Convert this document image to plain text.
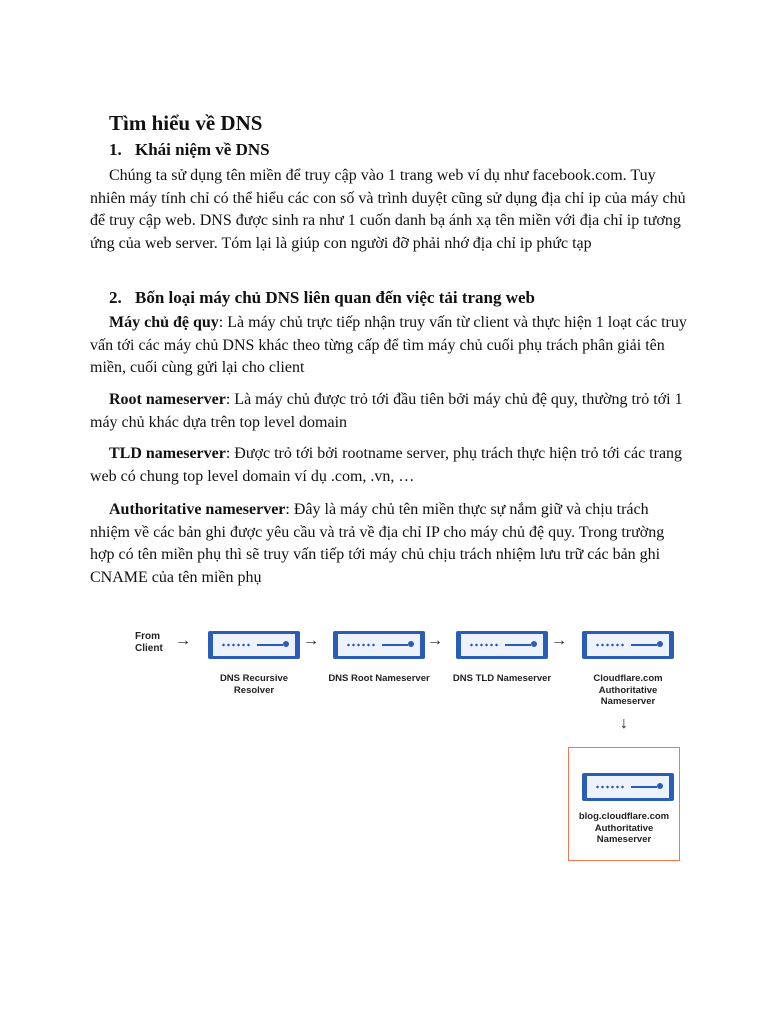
Tìm hiểu về DNS
1. Khái niệm về DNS

Chúng ta sử dụng tên miền để truy cập vào 1 trang web ví dụ như facebook.com. Tuy nhiên máy tính chỉ có thể hiểu các con số và trình duyệt cũng sử dụng địa chỉ ip của máy chủ để truy cập web. DNS được sinh ra như 1 cuốn danh bạ ánh xạ tên miền với địa chỉ ip tương ứng của web server. Tóm lại là giúp con người đỡ phải nhớ địa chỉ ip phức tạp

2. Bốn loại máy chủ DNS liên quan đến việc tải trang web

Máy chủ đệ quy: Là máy chủ trực tiếp nhận truy vấn từ client và thực hiện 1 loạt các truy vấn tới các máy chủ DNS khác theo từng cấp để tìm máy chủ cuối phụ trách phân giải tên miền, cuối cùng gửi lại cho client

Root nameserver: Là máy chủ được trỏ tới đầu tiên bởi máy chủ đệ quy, thường trỏ tới 1 máy chủ khác dựa trên top level domain

TLD nameserver: Được trỏ tới bởi rootname server, phụ trách thực hiện trỏ tới các trang web có chung top level domain ví dụ .com, .vn, …

Authoritative nameserver: Đây là máy chủ tên miền thực sự nắm giữ và chịu trách nhiệm về các bản ghi được yêu cầu và trả về địa chỉ IP cho máy chủ đệ quy. Trong trường hợp có tên miền phụ thì sẽ truy vấn tiếp tới máy chủ chịu trách nhiệm lưu trữ các bản ghi CNAME của tên miền phụ

From Client →
DNS Recursive Resolver
→
DNS Root Nameserver
→
DNS TLD Nameserver
→
Cloudflare.com Authoritative Nameserver
↓
blog.cloudflare.com Authoritative Nameserver
